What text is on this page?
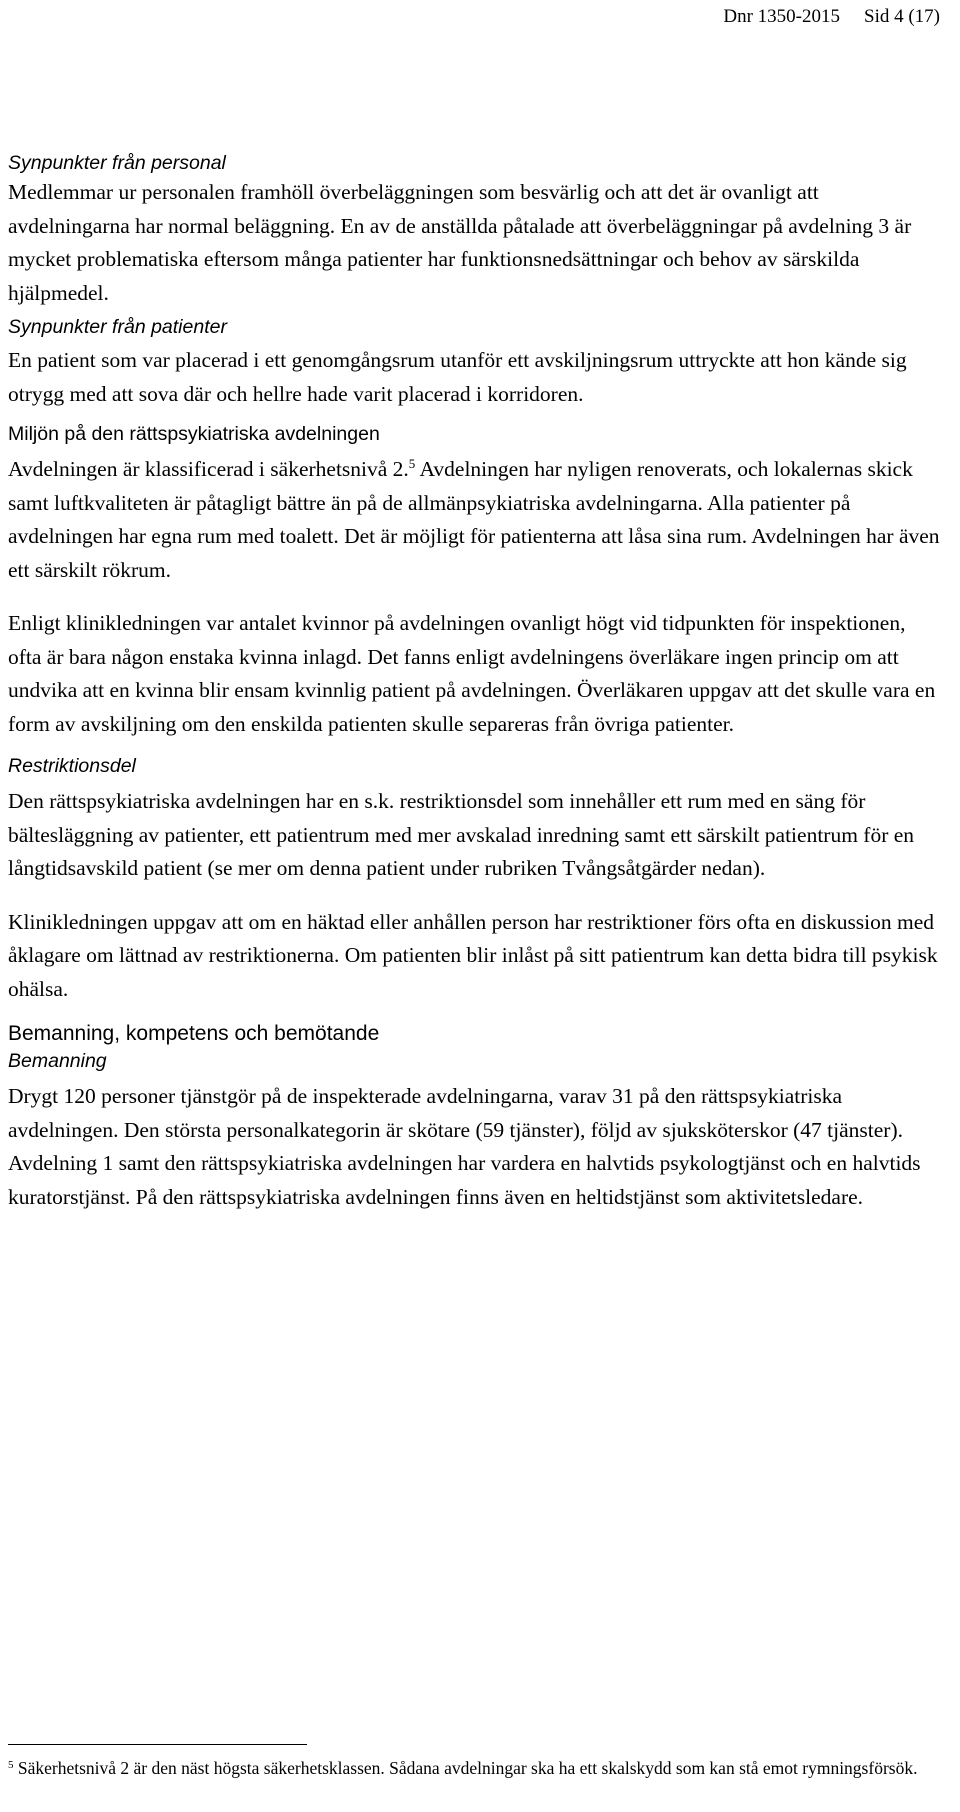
Dnr 1350-2015 Sid 4 (17)
Synpunkter från personal

Medlemmar ur personalen framhöll överbeläggningen som besvärlig och att det är ovanligt att avdelningarna har normal beläggning. En av de anställda påtalade att överbeläggningar på avdelning 3 är mycket problematiska eftersom många patienter har funktionsnedsättningar och behov av särskilda hjälpmedel.

Synpunkter från patienter

En patient som var placerad i ett genomgångsrum utanför ett avskiljningsrum uttryckte att hon kände sig otrygg med att sova där och hellre hade varit placerad i korridoren.

Miljön på den rättspsykiatriska avdelningen

Avdelningen är klassificerad i säkerhetsnivå 2.$^5$ Avdelningen har nyligen renoverats, och lokalernas skick samt luftkvaliteten är påtagligt bättre än på de allmänpsykiatriska avdelningarna. Alla patienter på avdelningen har egna rum med toalett. Det är möjligt för patienterna att låsa sina rum. Avdelningen har även ett särskilt rökrum.

Enligt klinikledningen var antalet kvinnor på avdelningen ovanligt högt vid tidpunkten för inspektionen, ofta är bara någon enstaka kvinna inlagd. Det fanns enligt avdelningens överläkare ingen princip om att undvika att en kvinna blir ensam kvinnlig patient på avdelningen. Överläkaren uppgav att det skulle vara en form av avskiljning om den enskilda patienten skulle separeras från övriga patienter.

Restriktionsdel

Den rättspsykiatriska avdelningen har en s.k. restriktionsdel som innehåller ett rum med en säng för bältesläggning av patienter, ett patientrum med mer avskalad inredning samt ett särskilt patientrum för en långtidsavskild patient (se mer om denna patient under rubriken Tvångsåtgärder nedan).

Klinikledningen uppgav att om en häktad eller anhållen person har restriktioner förs ofta en diskussion med åklagare om lättnad av restriktionerna. Om patienten blir inlåst på sitt patientrum kan detta bidra till psykisk ohälsa.

Bemanning, kompetens och bemötande
Bemanning

Drygt 120 personer tjänstgör på de inspekterade avdelningarna, varav 31 på den rättspsykiatriska avdelningen. Den största personalkategorin är skötare (59 tjänster), följd av sjuksköterskor (47 tjänster). Avdelning 1 samt den rättspsykiatriska avdelningen har vardera en halvtids psykologtjänst och en halvtids kuratorstjänst. På den rättspsykiatriska avdelningen finns även en heltidstjänst som aktivitetsledare.

$^5$ Säkerhetsnivå 2 är den näst högsta säkerhetsklassen. Sådana avdelningar ska ha ett skalskydd som kan stå emot rymningsförsök.
